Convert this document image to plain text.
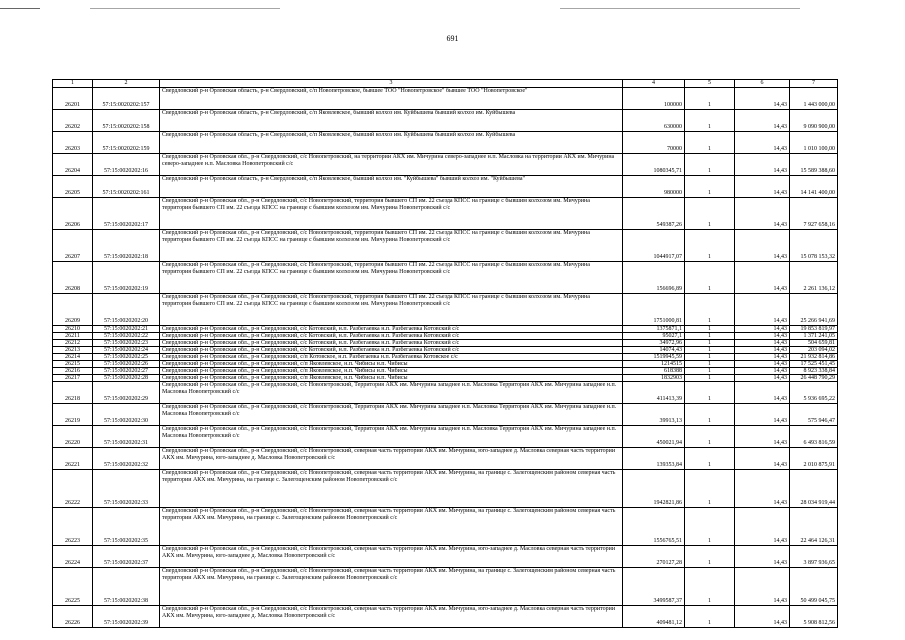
691
1	2	3	4	5	6	7
26201	57:15:0020202:157	Свердловский р-н Орловская область, р-н Свердловский, с/п Новопетровское, бывшее ТОО "Новопетровское" бывшее ТОО "Новопетровское"	100000	1	14,43	1 443 000,00
26202	57:15:0020202:158	Свердловский р-н Орловская область, р-н Свердловский, с/п Яковлевское, бывший колхоз им. Куйбышева бывший колхоз им. Куйбышева	630000	1	14,43	9 090 900,00
26203	57:15:0020202:159	Свердловский р-н Орловская область, р-н Свердловский, с/п Яковлевское, бывший колхоз им. Куйбышева бывший колхоз им. Куйбышева	70000	1	14,43	1 010 100,00
26204	57:15:0020202:16	Свердловский р-н Орловская обл., р-н Свердловский, с/с Новопетровский, на территории АКХ им. Мичурина северо-западнее н.п. Масловка на территории АКХ им. Мичурина северо-западнее н.п. Масловка Новопетровский с/с	1080345,71	1	14,43	15 589 388,60
26205	57:15:0020202:161	Свердловский р-н Орловская область, р-н Свердловский, с/п Яковлевское, бывший колхоз им. "Куйбышева" бывший колхоз им. "Куйбышева"	980000	1	14,43	14 141 400,00
26206	57:15:0020202:17	Свердловский р-н Орловская обл., р-н Свердловский, с/с Новопетровский, территория бывшего СП им. 22 съезда КПСС на границе с бывшим колхозом им. Мичурина территория бывшего СП им. 22 съезда КПСС на границе с бывшим колхозом им. Мичурина Новопетровский с/с	549387,26	1	14,43	7 927 658,16
26207	57:15:0020202:18	Свердловский р-н Орловская обл., р-н Свердловский, с/с Новопетровский, территория бывшего СП им. 22 съезда КПСС на границе с бывшим колхозом им. Мичурина территория бывшего СП им. 22 съезда КПСС на границе с бывшим колхозом им. Мичурина Новопетровский с/с	1044917,07	1	14,43	15 078 153,32
26208	57:15:0020202:19	Свердловский р-н Орловская обл., р-н Свердловский, с/с Новопетровский, территория бывшего СП им. 22 съезда КПСС на границе с бывшим колхозом им. Мичурина территория бывшего СП им. 22 съезда КПСС на границе с бывшим колхозом им. Мичурина Новопетровский с/с	156696,89	1	14,43	2 261 136,12
26209	57:15:0020202:20	Свердловский р-н Орловская обл., р-н Свердловский, с/с Новопетровский, территория бывшего СП им. 22 съезда КПСС на границе с бывшим колхозом им. Мичурина территория бывшего СП им. 22 съезда КПСС на границе с бывшим колхозом им. Мичурина Новопетровский с/с	1751000,81	1	14,43	25 266 941,69
26210	57:15:0020202:21	Свердловский р-н Орловская обл., р-н Свердловский, с/с Котовский, н.п. Разбегаевка н.п. Разбегаевка Котовский с/с	1375871,1	1	14,43	19 853 819,97
26211	57:15:0020202:22	Свердловский р-н Орловская обл., р-н Свердловский, с/с Котовский, н.п. Разбегаевка н.п. Разбегаевка Котовский с/с	95027,1	1	14,43	1 371 241,05
26212	57:15:0020202:23	Свердловский р-н Орловская обл., р-н Свердловский, с/с Котовский, н.п. Разбегаевка н.п. Разбегаевка Котовский с/с	34972,96	1	14,43	504 659,81
26213	57:15:0020202:24	Свердловский р-н Орловская обл., р-н Свердловский, с/с Котовский, н.п. Разбегаевка н.п. Разбегаевка Котовский с/с	14074,43	1	14,43	203 094,02
26214	57:15:0020202:25	Свердловский р-н Орловская обл., р-н Свердловский, с/п Котовское, н.п. Разбегаевка н.п. Разбегаевка Котовское с/с	1519945,59	1	14,43	21 932 814,86
26215	57:15:0020202:26	Свердловский р-н Орловская обл., р-н Свердловский, с/п Яковлевское, н.п. Чибисы н.п. Чибисы	1214515	1	14,43	17 525 451,45
26216	57:15:0020202:27	Свердловский р-н Орловская обл., р-н Свердловский, с/п Яковлевское, н.п. Чибисы н.п. Чибисы	618388	1	14,43	8 923 338,84
26217	57:15:0020202:28	Свердловский р-н Орловская обл., р-н Свердловский, с/п Яковлевское, н.п. Чибисы н.п. Чибисы	1832903	1	14,43	26 448 790,29
26218	57:15:0020202:29	Свердловский р-н Орловская обл., р-н Свердловский, с/с Новопетровский, Территория АКХ им. Мичурина западнее н.п. Масловка Территория АКХ им. Мичурина западнее н.п. Масловка Новопетровский с/с	411413,39	1	14,43	5 936 695,22
26219	57:15:0020202:30	Свердловский р-н Орловская обл., р-н Свердловский, с/с Новопетровский, Территория АКХ им. Мичурина западнее н.п. Масловка Территория АКХ им. Мичурина западнее н.п. Масловка Новопетровский с/с	39913,13	1	14,43	575 946,47
26220	57:15:0020202:31	Свердловский р-н Орловская обл., р-н Свердловский, с/с Новопетровский, Территория АКХ им. Мичурина западнее н.п. Масловка Территория АКХ им. Мичурина западнее н.п. Масловка Новопетровский с/с	450021,94	1	14,43	6 493 816,59
26221	57:15:0020202:32	Свердловский р-н Орловская обл., р-н Свердловский, с/с Новопетровский, северная часть территории АКХ им. Мичурина, юго-западнее д. Масловка северная часть территории АКХ им. Мичурина, юго-западнее д. Масловка Новопетровский с/с	139353,84	1	14,43	2 010 875,91
26222	57:15:0020202:33	Свердловский р-н Орловская обл., р-н Свердловский, с/с Новопетровский, северная часть территории АКХ им. Мичурина, на границе с. Залегощенским районом северная часть территории АКХ им. Мичурина, на границе с. Залегощенским районом Новопетровский с/с	1942821,86	1	14,43	28 034 919,44
26223	57:15:0020202:35	Свердловский р-н Орловская обл., р-н Свердловский, с/с Новопетровский, северная часть территории АКХ им. Мичурина, на границе с. Залегощенским районом северная часть территории АКХ им. Мичурина, на границе с. Залегощенским районом Новопетровский с/с	1556765,51	1	14,43	22 464 126,31
26224	57:15:0020202:37	Свердловский р-н Орловская обл., р-н Свердловский, с/с Новопетровский, северная часть территории АКХ им. Мичурина, юго-западнее д. Масловка северная часть территории АКХ им. Мичурина, юго-западнее д. Масловка Новопетровский с/с	270127,28	1	14,43	3 897 936,65
26225	57:15:0020202:38	Свердловский р-н Орловская обл., р-н Свердловский, с/с Новопетровский, северная часть территории АКХ им. Мичурина, на границе с. Залегощенским районом северная часть территории АКХ им. Мичурина, на границе с. Залегощенским районом Новопетровский с/с	3499587,37	1	14,43	50 499 045,75
26226	57:15:0020202:39	Свердловский р-н Орловская обл., р-н Свердловский, с/с Новопетровский, северная часть территории АКХ им. Мичурина, юго-западнее д. Масловка северная часть территории АКХ им. Мичурина, юго-западнее д. Масловка Новопетровский с/с	409481,12	1	14,43	5 908 812,56
